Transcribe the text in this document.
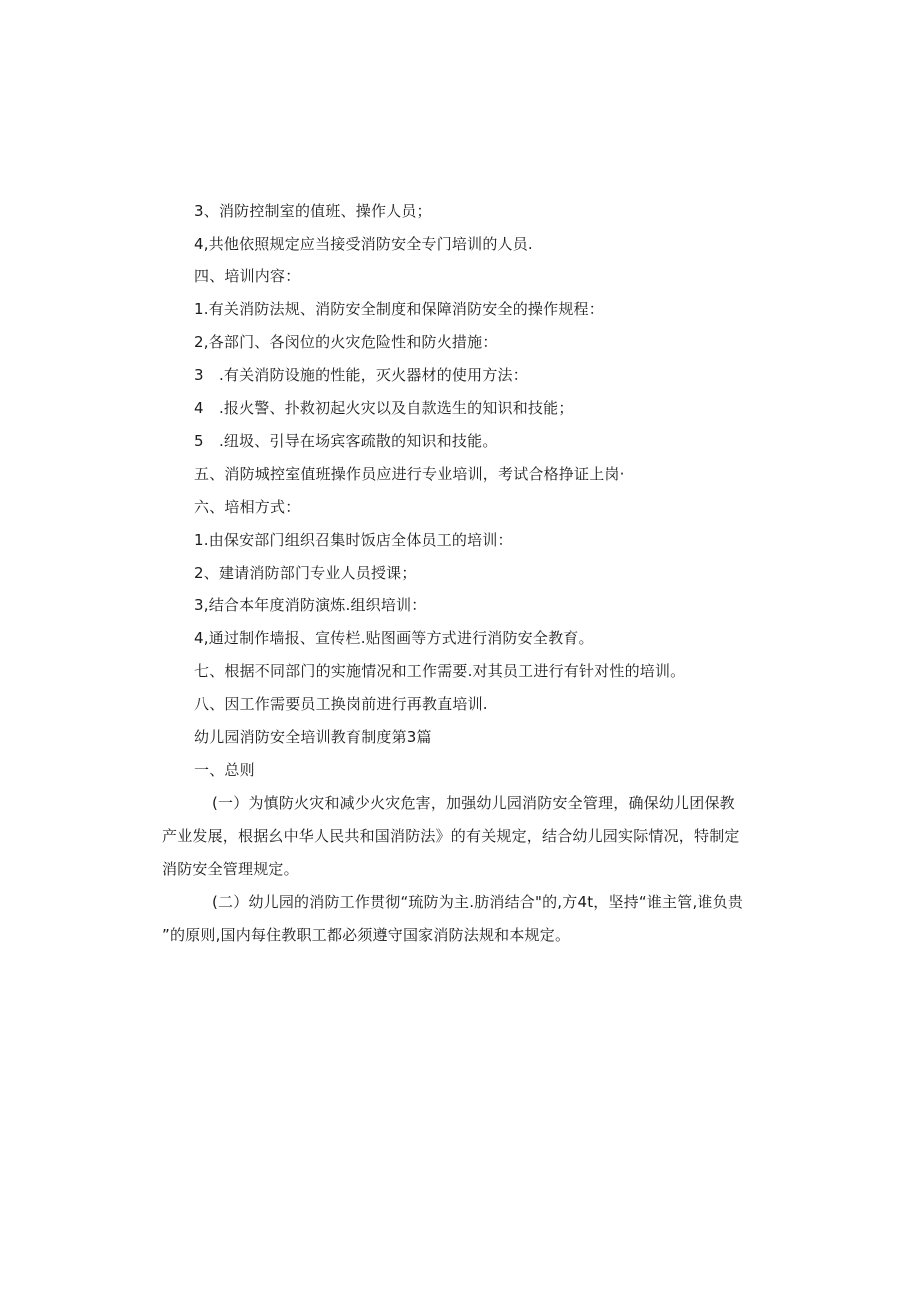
3、消防控制室的值班、操作人员；
4,共他依照规定应当接受消防安全专门培训的人员.
四、培训内容：
1.有关消防法规、消防安全制度和保障消防安全的操作规程：
2,各部门、各闵位的火灾危险性和防火措施：
3　.有关消防设施的性能，灭火器材的使用方法：
4　.报火警、扑救初起火灾以及自款选生的知识和技能；
5　.纽圾、引导在场宾客疏散的知识和技能。
五、消防城控室值班操作员应进行专业培训，考试合格挣证上岗·
六、培相方式：
1.由保安部门组织召集时饭店全体员工的培训：
2、建请消防部门专业人员授课；
3,结合本年度消防演炼.组织培训：
4,通过制作墙报、宣传栏.贴图画等方式进行消防安全教育。
七、根据不同部门的实施情况和工作需要.对其员工进行有针对性的培训。
八、因工作需要员工换岗前进行再教直培训.
幼儿园消防安全培训教育制度第3篇
一、总则
(一）为慎防火灾和减少火灾危害，加强幼儿园消防安全管理，确保幼儿团保教
产业发展，根据幺中华人民共和国消防法》的有关规定，结合幼儿园实际情况，特制定
消防安全管理规定。
(二）幼儿园的消防工作贯彻“琉防为主.肪消结合"的,方4t，坚持“谁主管,谁负贵
”的原则,国内每住教职工都必须遵守国家消防法规和本规定。
